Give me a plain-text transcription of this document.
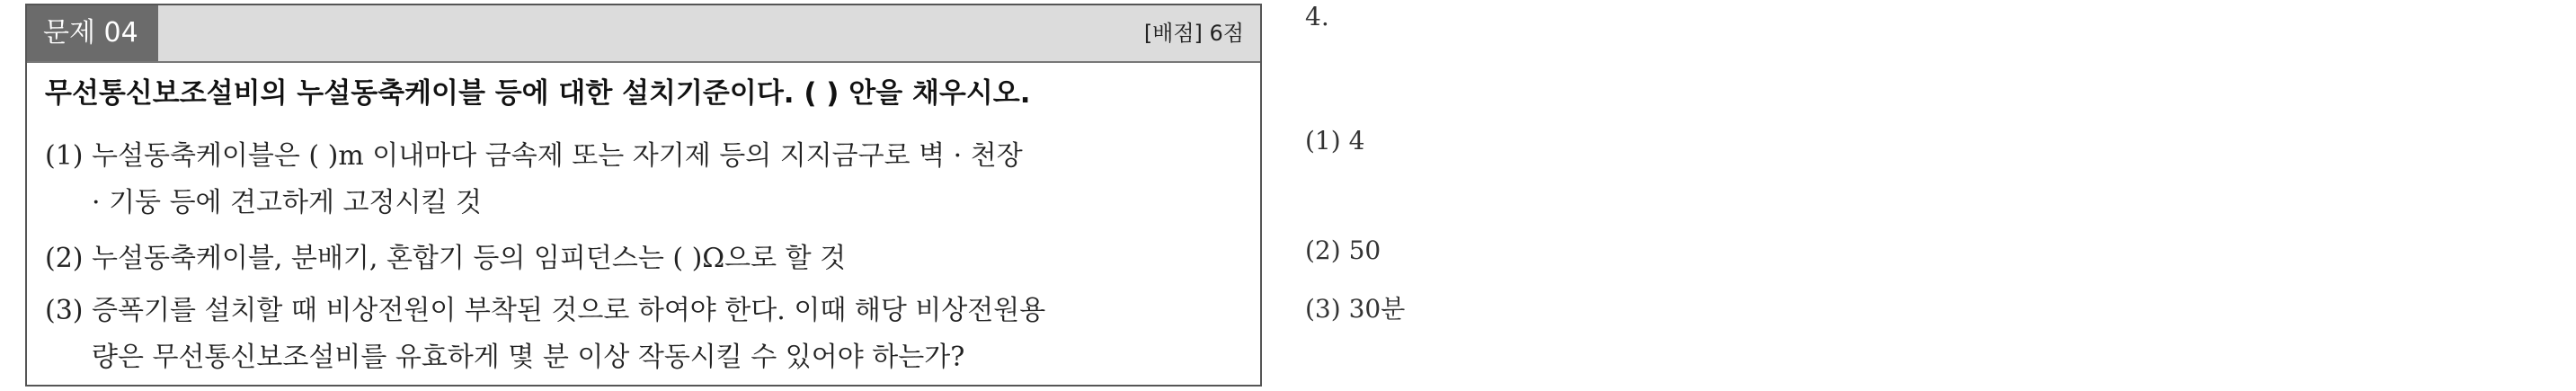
문제 04	[배점] 6점
무선통신보조설비의 누설동축케이블 등에 대한 설치기준이다. ( ) 안을 채우시오.
(1) 누설동축케이블은 ( )m 이내마다 금속제 또는 자기제 등의 지지금구로 벽 · 천장
· 기둥 등에 견고하게 고정시킬 것
(2) 누설동축케이블, 분배기, 혼합기 등의 임피던스는 ( )Ω으로 할 것
(3) 증폭기를 설치할 때 비상전원이 부착된 것으로 하여야 한다. 이때 해당 비상전원용
량은 무선통신보조설비를 유효하게 몇 분 이상 작동시킬 수 있어야 하는가?
4.
(1) 4
(2) 50
(3) 30분
